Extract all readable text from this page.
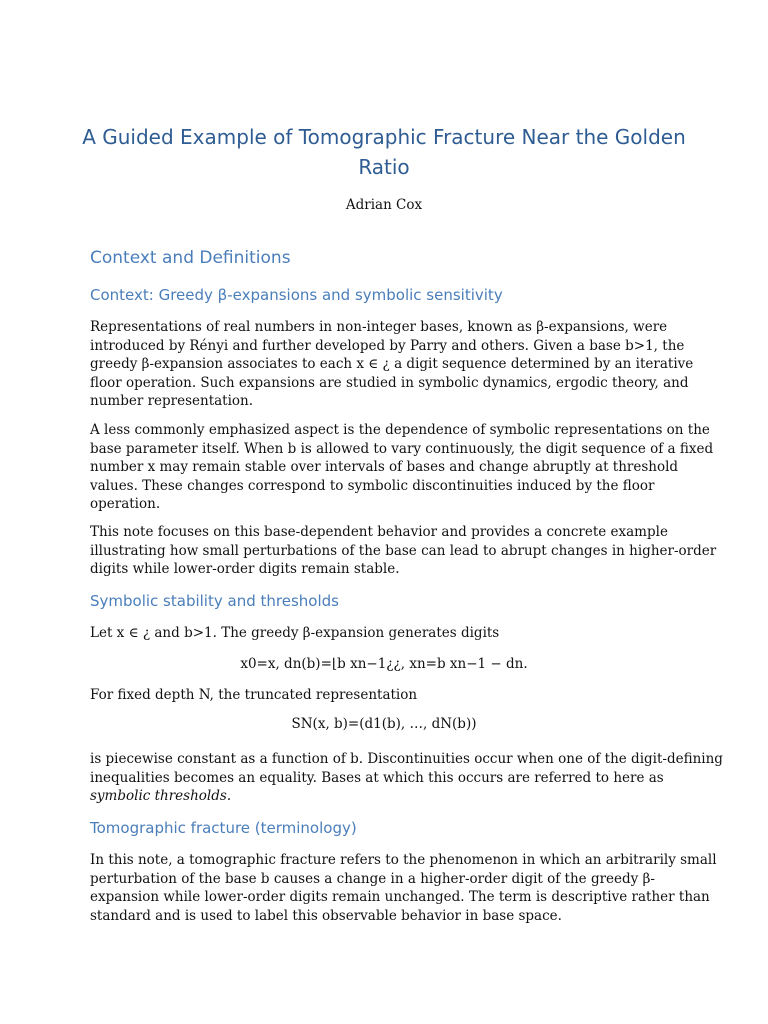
A Guided Example of Tomographic Fracture Near the Golden
Ratio
Adrian Cox
Context and Definitions
Context: Greedy β-expansions and symbolic sensitivity
Representations of real numbers in non-integer bases, known as β-expansions, were
introduced by Rényi and further developed by Parry and others. Given a base b>1, the
greedy β-expansion associates to each x ∈ ¿ a digit sequence determined by an iterative
floor operation. Such expansions are studied in symbolic dynamics, ergodic theory, and
number representation.
A less commonly emphasized aspect is the dependence of symbolic representations on the
base parameter itself. When b is allowed to vary continuously, the digit sequence of a fixed
number x may remain stable over intervals of bases and change abruptly at threshold
values. These changes correspond to symbolic discontinuities induced by the floor
operation.
This note focuses on this base-dependent behavior and provides a concrete example
illustrating how small perturbations of the base can lead to abrupt changes in higher-order
digits while lower-order digits remain stable.
Symbolic stability and thresholds
Let x ∈ ¿ and b>1. The greedy β-expansion generates digits
x0=x, dn(b)=⌊b xn−1¿¿, xn=b xn−1 − dn.
For fixed depth N, the truncated representation
SN(x, b)=(d1(b), …, dN(b))
is piecewise constant as a function of b. Discontinuities occur when one of the digit-defining
inequalities becomes an equality. Bases at which this occurs are referred to here as
symbolic thresholds.
Tomographic fracture (terminology)
In this note, a tomographic fracture refers to the phenomenon in which an arbitrarily small
perturbation of the base b causes a change in a higher-order digit of the greedy β-
expansion while lower-order digits remain unchanged. The term is descriptive rather than
standard and is used to label this observable behavior in base space.
